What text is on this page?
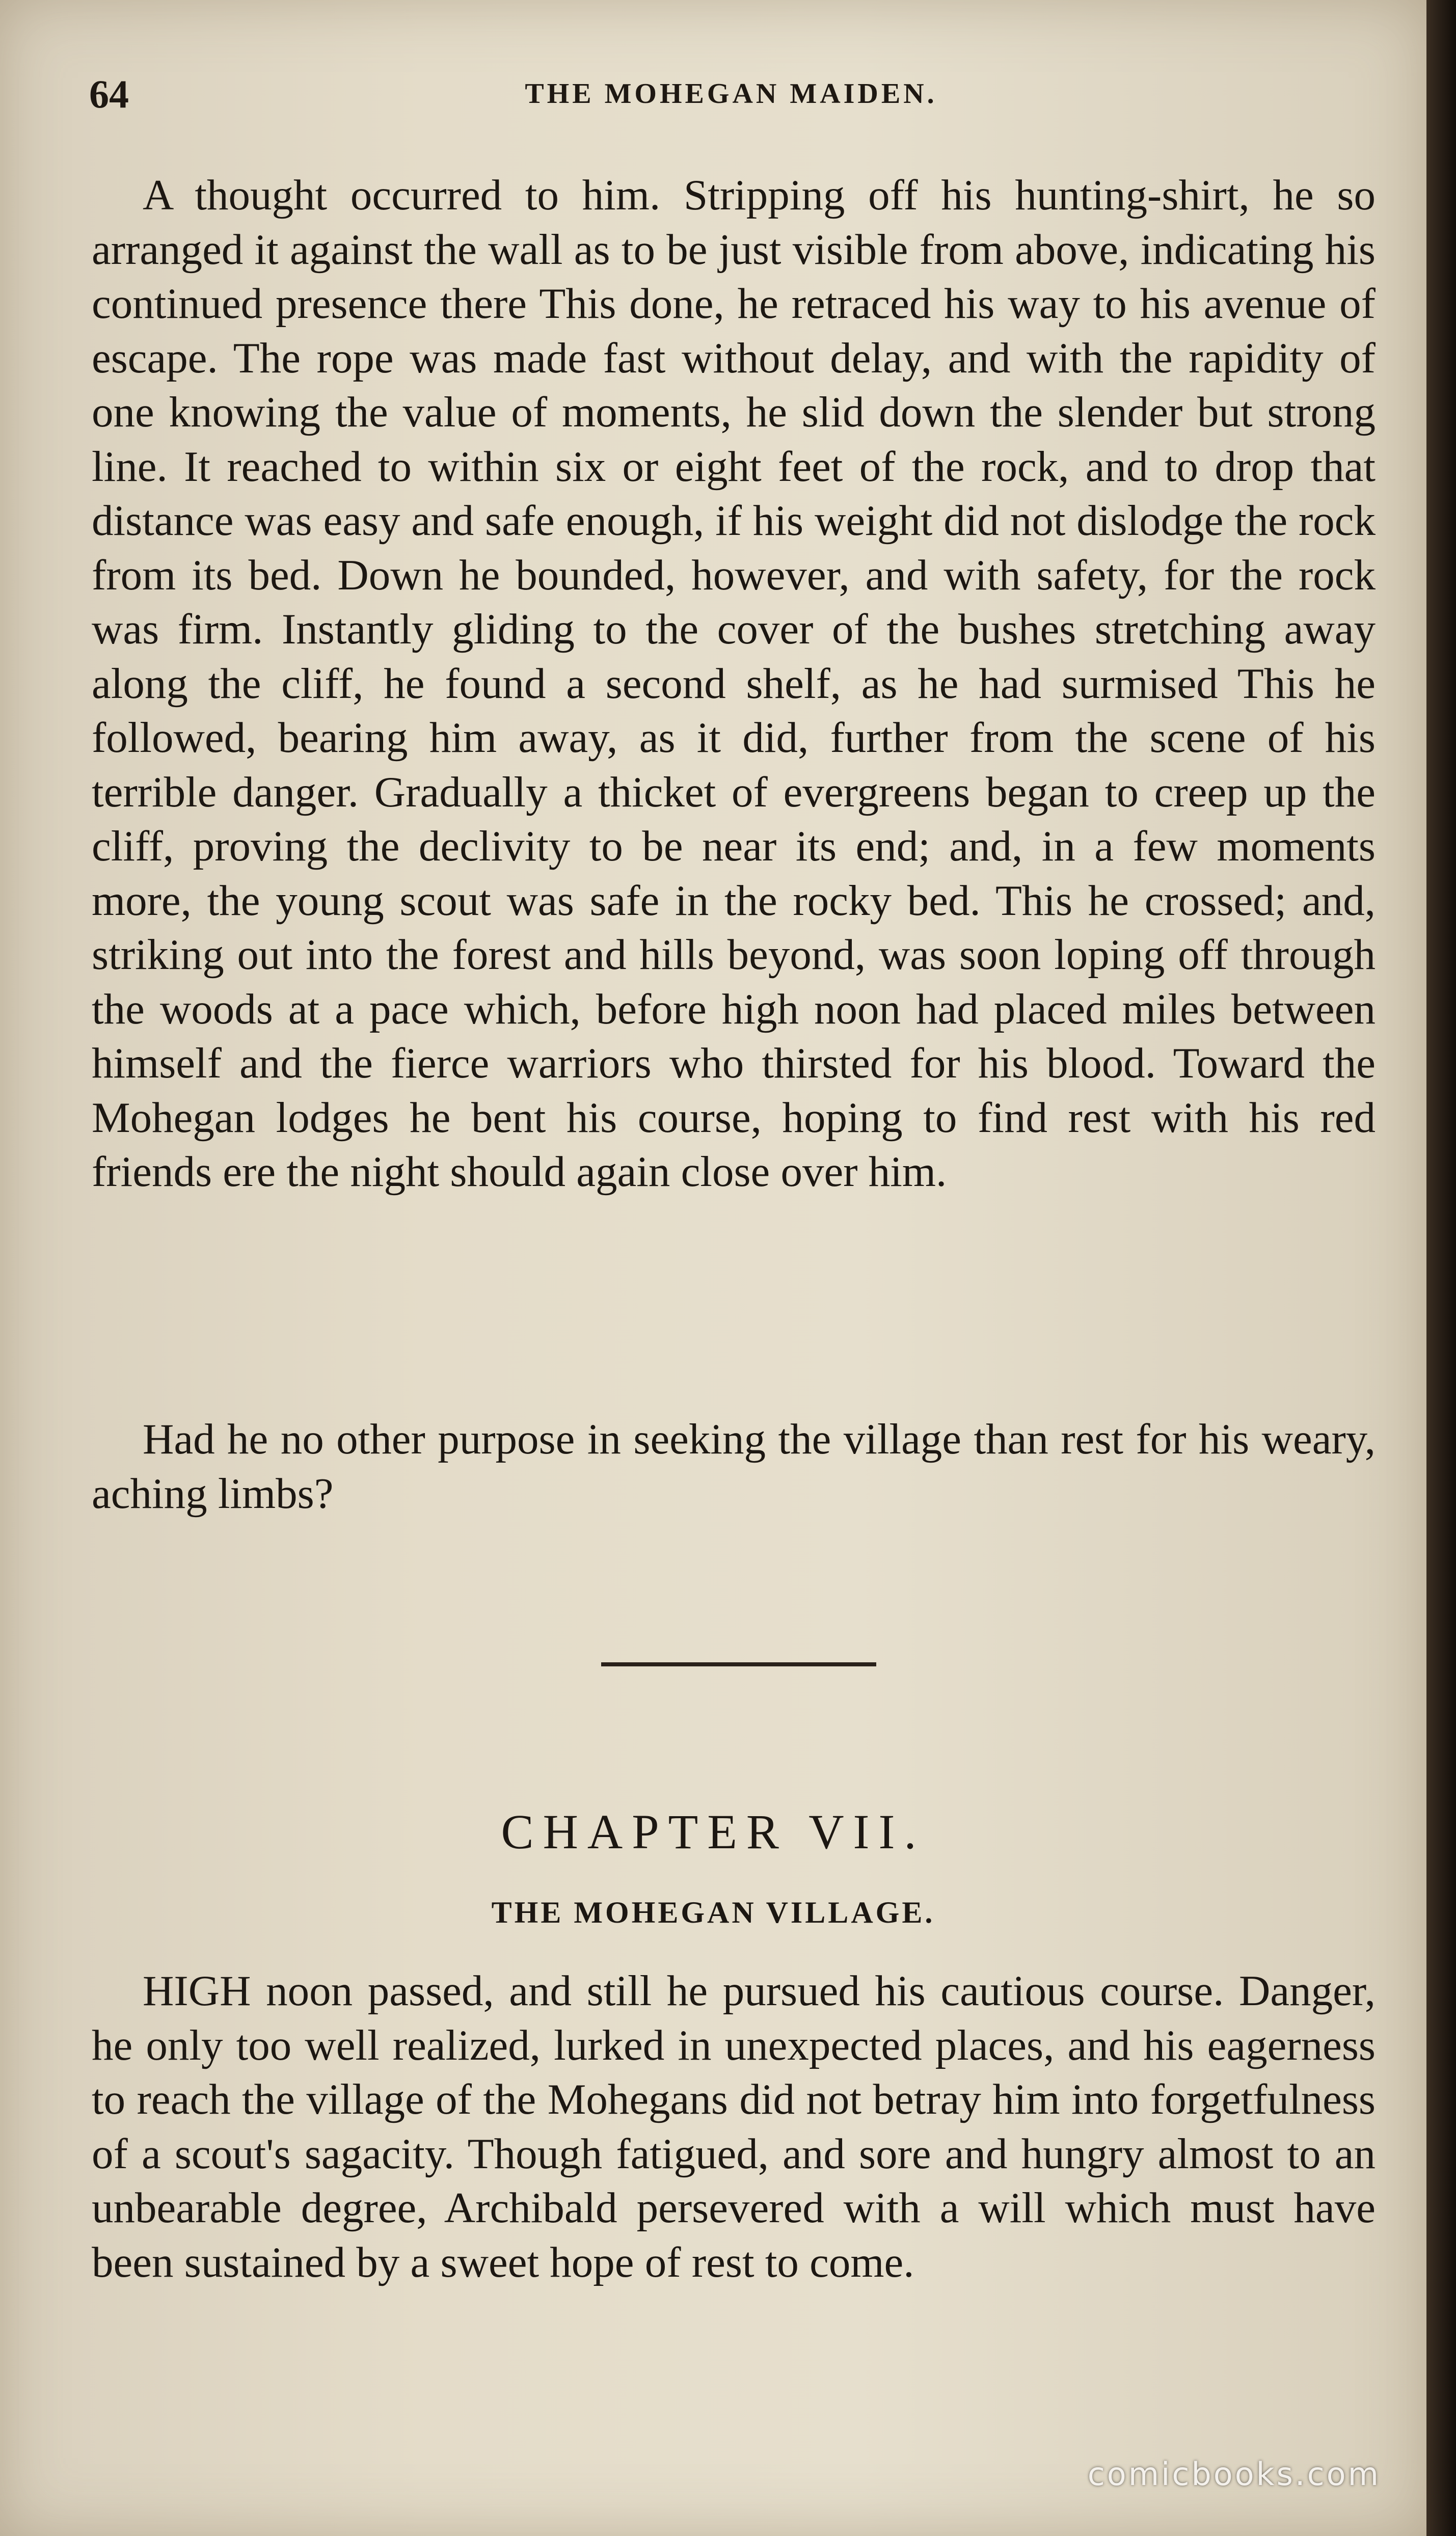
64	THE MOHEGAN MAIDEN.

A thought occurred to him. Stripping off his hunting-shirt, he so arranged it against the wall as to be just visible from above, indicating his continued presence there This done, he retraced his way to his avenue of escape. The rope was made fast without delay, and with the rapidity of one knowing the value of moments, he slid down the slender but strong line. It reached to within six or eight feet of the rock, and to drop that distance was easy and safe enough, if his weight did not dislodge the rock from its bed. Down he bounded, however, and with safety, for the rock was firm. Instantly gliding to the cover of the bushes stretching away along the cliff, he found a second shelf, as he had surmised This he followed, bearing him away, as it did, further from the scene of his terrible danger. Gradually a thicket of evergreens began to creep up the cliff, proving the declivity to be near its end; and, in a few moments more, the young scout was safe in the rocky bed. This he crossed; and, striking out into the forest and hills beyond, was soon loping off through the woods at a pace which, before high noon had placed miles between himself and the fierce warriors who thirsted for his blood. Toward the Mohegan lodges he bent his course, hoping to find rest with his red friends ere the night should again close over him.

Had he no other purpose in seeking the village than rest for his weary, aching limbs?

CHAPTER VII.
THE MOHEGAN VILLAGE.

HIGH noon passed, and still he pursued his cautious course. Danger, he only too well realized, lurked in unexpected places, and his eagerness to reach the village of the Mohegans did not betray him into forgetfulness of a scout's sagacity. Though fatigued, and sore and hungry almost to an unbearable degree, Archibald persevered with a will which must have been sustained by a sweet hope of rest to come.

comicbooks.com
